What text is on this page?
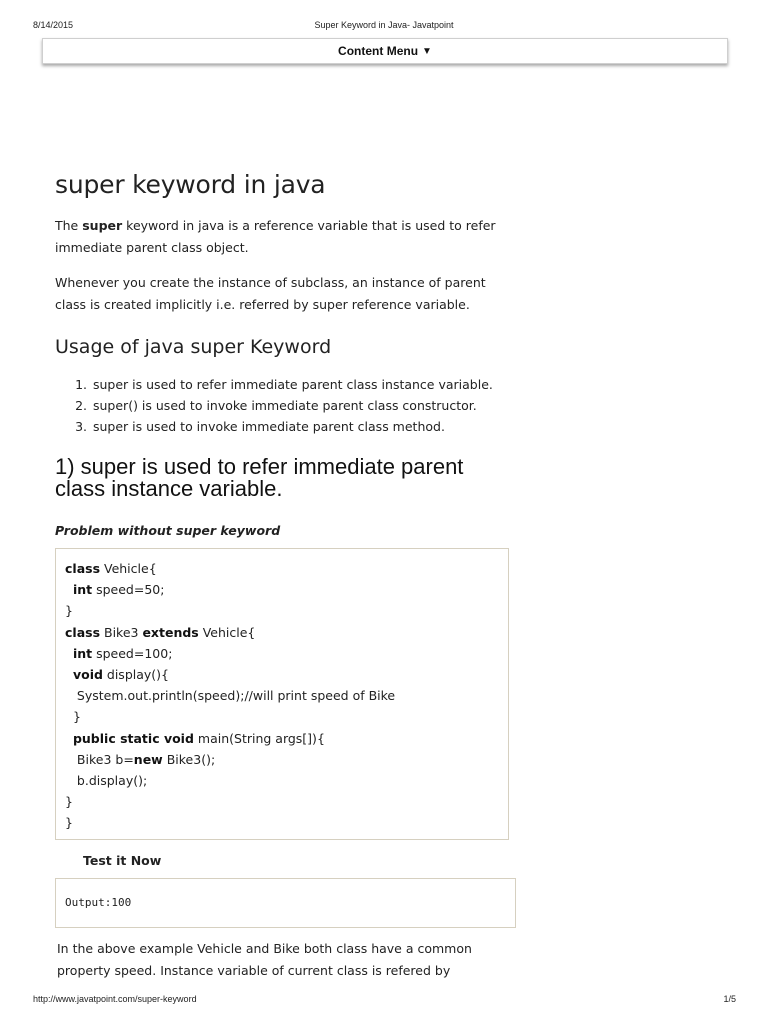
8/14/2015	Super Keyword in Java- Javatpoint
Content Menu ▼
super keyword in java

The super keyword in java is a reference variable that is used to refer immediate parent class object.

Whenever you create the instance of subclass, an instance of parent class is created implicitly i.e. referred by super reference variable.

Usage of java super Keyword
1. super is used to refer immediate parent class instance variable.
2. super() is used to invoke immediate parent class constructor.
3. super is used to invoke immediate parent class method.
1) super is used to refer immediate parent class instance variable.
Problem without super keyword
class Vehicle{
int speed=50;
}
class Bike3 extends Vehicle{
int speed=100;
void display(){
System.out.println(speed);//will print speed of Bike
}
public static void main(String args[]){
Bike3 b=new Bike3();
b.display();
}
}
Test it Now
Output:100

In the above example Vehicle and Bike both class have a common property speed. Instance variable of current class is refered by

http://www.javatpoint.com/super-keyword	1/5
